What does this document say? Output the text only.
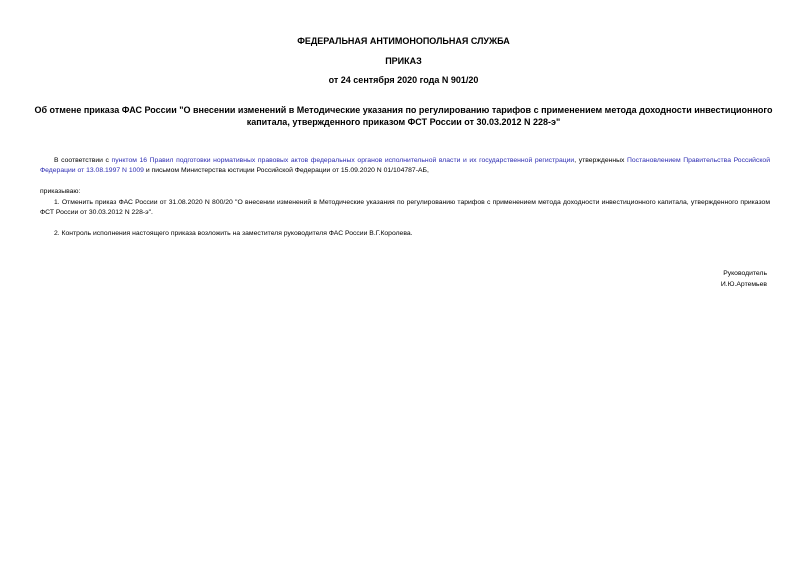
ФЕДЕРАЛЬНАЯ АНТИМОНОПОЛЬНАЯ СЛУЖБА
ПРИКАЗ
от 24 сентября 2020 года N 901/20
Об отмене приказа ФАС России "О внесении изменений в Методические указания по регулированию тарифов с применением метода доходности инвестиционного
капитала, утвержденного приказом ФСТ России от 30.03.2012 N 228-э"
В соответствии с пунктом 16 Правил подготовки нормативных правовых актов федеральных органов исполнительной власти и их государственной регистрации, утвержденных Постановлением Правительства Российской Федерации от 13.08.1997 N 1009 и письмом Министерства юстиции Российской Федерации от 15.09.2020 N 01/104787-АБ,
приказываю:
1. Отменить приказ ФАС России от 31.08.2020 N 800/20 "О внесении изменений в Методические указания по регулированию тарифов с применением метода доходности инвестиционного капитала, утвержденного приказом ФСТ России от 30.03.2012 N 228-э".
2. Контроль исполнения настоящего приказа возложить на заместителя руководителя ФАС России В.Г.Королева.
Руководитель
И.Ю.Артемьев
